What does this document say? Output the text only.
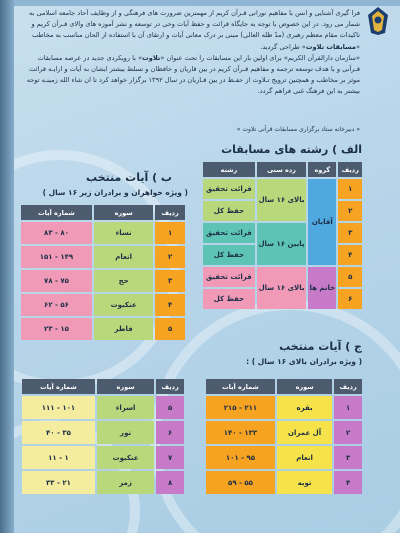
فرا گیری آشنایی و انس با مفاهیم نورانی قـرآن کریم از مهمترین ضرورت های فرهنگی و از وظایف آحاد جامعه اسلامی به شمار می رود. در این خصوص با توجه به جایگاه قرائت و حفظ آیات وحی در توسعه و نشر آموزه های والای قـرآن کریم و تاکیدات مقام معظم رهبری (مدّ ظله العالی) مبنی بر درک معانی آیات و ارتقای آن با استفاده از الحان مناسب به مخاطب «مسابقات تلاوت» طراحی گردید.
«سازمان دارالقرآن الکریم» برای اولین بار این مسابقات را تحت عنوان «تلاوت» با رویکردی جدید در عرصه مسابقات قـرآنی و با هدف توسعه ترجمه و مفاهیم قـرآن کریم در بین قاریان و حافظان و تسلط بیشتر ایشان به آیات و ارایـه قرائت موثر بر مخاطب و همچنین ترویج تـلاوت از حفـظ در بین قـاریان در سال ۱۳۹۲ برگزار خواهد کرد تا ان شاء الله زمینـه توجه بیشتر به این فرهنگ غنی فراهم گردد.
« دبیرخانه ستاد برگزاری مسابقات قرآنی تلاوت »
الف ) رشته های مسابقات
ردیف	گروه	رده سنی	رشته
۱	آقایان	بالای ۱۶ سال	قرائت تحقیق
۲			حفظ کل
۳		پایین ۱۶ سال	قرائت تحقیق
۴			حفظ کل
۵	خانم ها	بالای ۱۶ سال	قرائت تحقیق
۶			حفظ کل
ب ) آیات منتخب
( ویژه خواهران و برادران زیر ۱۶ سال )
ردیف	سوره	شماره آیات
۱	نساء	۸۰ - ۸۳
۲	انعام	۱۴۹ - ۱۵۱
۳	حج	۷۵ - ۷۸
۴	عنکبوت	۵۶ - ۶۲
۵	فاطر	۱۵ - ۲۳
ج ) آیات منتخب
( ویژه برادران بالای ۱۶ سال ) :
ردیف	سوره	شماره آیات
۱	بقره	۲۱۱ - ۲۱۵
۲	آل عمران	۱۳۳ - ۱۴۰
۳	انعام	۹۵ - ۱۰۱
۴	توبه	۵۵ - ۵۹
ردیف	سوره	شماره آیات
۵	اسراء	۱۰۱ - ۱۱۱
۶	نور	۳۵ - ۴۰
۷	عنکبوت	۱ - ۱۱
۸	زمر	۲۱ - ۳۳
